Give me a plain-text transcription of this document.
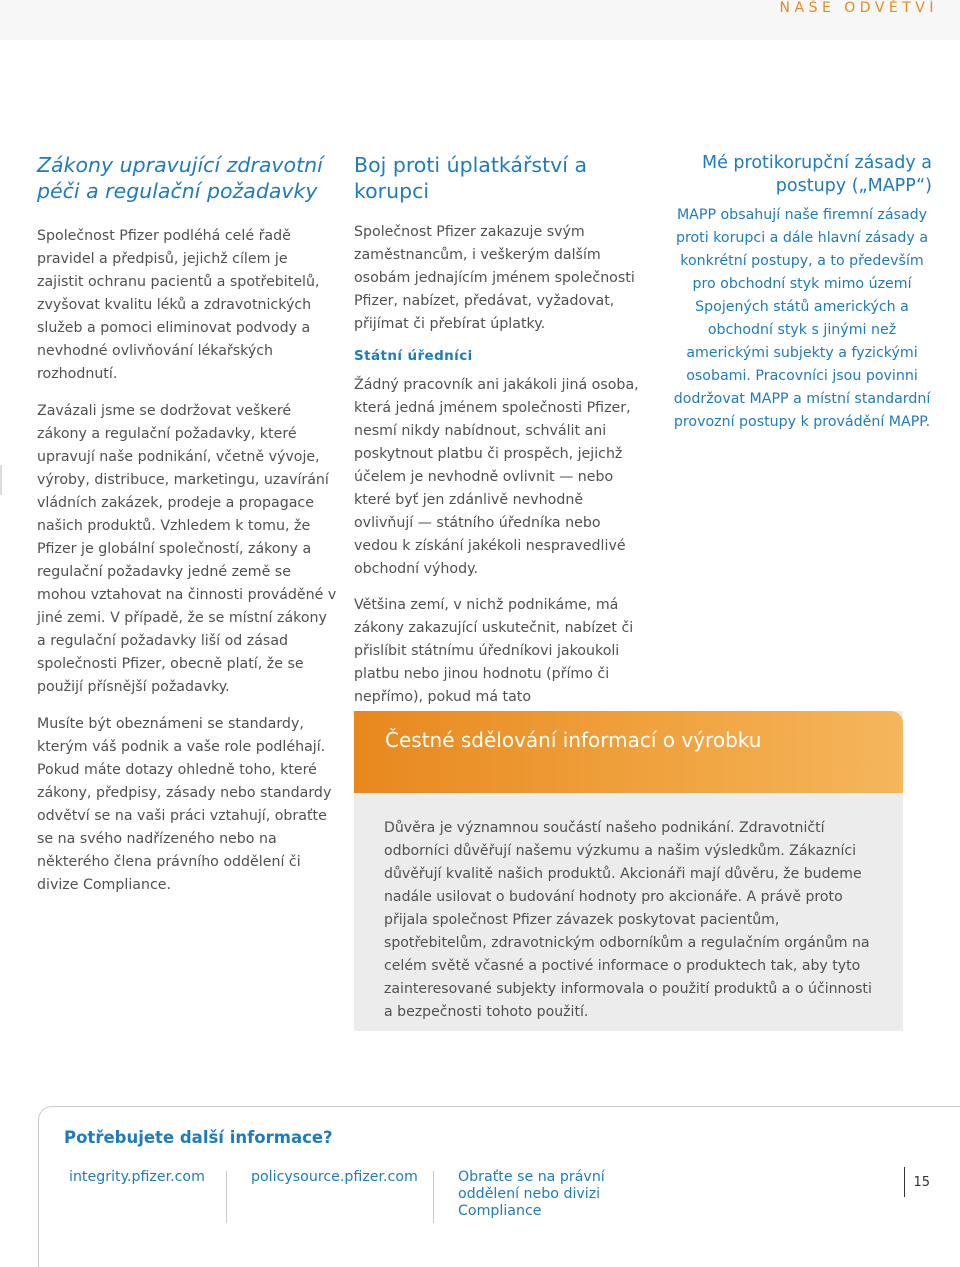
NAŠE ODVĚTVÍ
Zákony upravující zdravotní péči a regulační požadavky

Společnost Pfizer podléhá celé řadě pravidel a předpisů, jejichž cílem je zajistit ochranu pacientů a spotřebitelů, zvyšovat kvalitu léků a zdravotnických služeb a pomoci eliminovat podvody a nevhodné ovlivňování lékařských rozhodnutí.

Zavázali jsme se dodržovat veškeré zákony a regulační požadavky, které upravují naše podnikání, včetně vývoje, výroby, distribuce, marketingu, uzavírání vládních zakázek, prodeje a propagace našich produktů. Vzhledem k tomu, že Pfizer je globální společností, zákony a regulační požadavky jedné země se mohou vztahovat na činnosti prováděné v jiné zemi. V případě, že se místní zákony a regulační požadavky liší od zásad společnosti Pfizer, obecně platí, že se použijí přísnější požadavky.

Musíte být obeznámeni se standardy, kterým váš podnik a vaše role podléhají. Pokud máte dotazy ohledně toho, které zákony, předpisy, zásady nebo standardy odvětví se na vaši práci vztahují, obraťte se na svého nadřízeného nebo na některého člena právního oddělení či divize Compliance.

Boj proti úplatkářství a korupci

Společnost Pfizer zakazuje svým zaměstnancům, i veškerým dalším osobám jednajícím jménem společnosti Pfizer, nabízet, předávat, vyžadovat, přijímat či přebírat úplatky.

Státní úředníci

Žádný pracovník ani jakákoli jiná osoba, která jedná jménem společnosti Pfizer, nesmí nikdy nabídnout, schválit ani poskytnout platbu či prospěch, jejichž účelem je nevhodně ovlivnit — nebo které byť jen zdánlivě nevhodně ovlivňují — státního úředníka nebo vedou k získání jakékoli nespravedlivé obchodní výhody.

Většina zemí, v nichž podnikáme, má zákony zakazující uskutečnit, nabízet či přislíbit státnímu úředníkovi jakoukoli platbu nebo jinou hodnotu (přímo či nepřímo), pokud má tato

Mé protikorupční zásady a postupy („MAPP“)

MAPP obsahují naše firemní zásady proti korupci a dále hlavní zásady a konkrétní postupy, a to především pro obchodní styk mimo území Spojených států amerických a obchodní styk s jinými než americkými subjekty a fyzickými osobami. Pracovníci jsou povinni dodržovat MAPP a místní standardní provozní postupy k provádění MAPP.

Čestné sdělování informací o výrobku

Důvěra je významnou součástí našeho podnikání. Zdravotničtí odborníci důvěřují našemu výzkumu a našim výsledkům. Zákazníci důvěřují kvalitě našich produktů. Akcionáři mají důvěru, že budeme nadále usilovat o budování hodnoty pro akcionáře. A právě proto přijala společnost Pfizer závazek poskytovat pacientům, spotřebitelům, zdravotnickým odborníkům a regulačním orgánům na celém světě včasné a poctivé informace o produktech tak, aby tyto zainteresované subjekty informovala o použití produktů a o účinnosti a bezpečnosti tohoto použití.

Potřebujete další informace?
integrity.pfizer.com	policysource.pfizer.com	Obraťte se na právní oddělení nebo divizi Compliance
15
